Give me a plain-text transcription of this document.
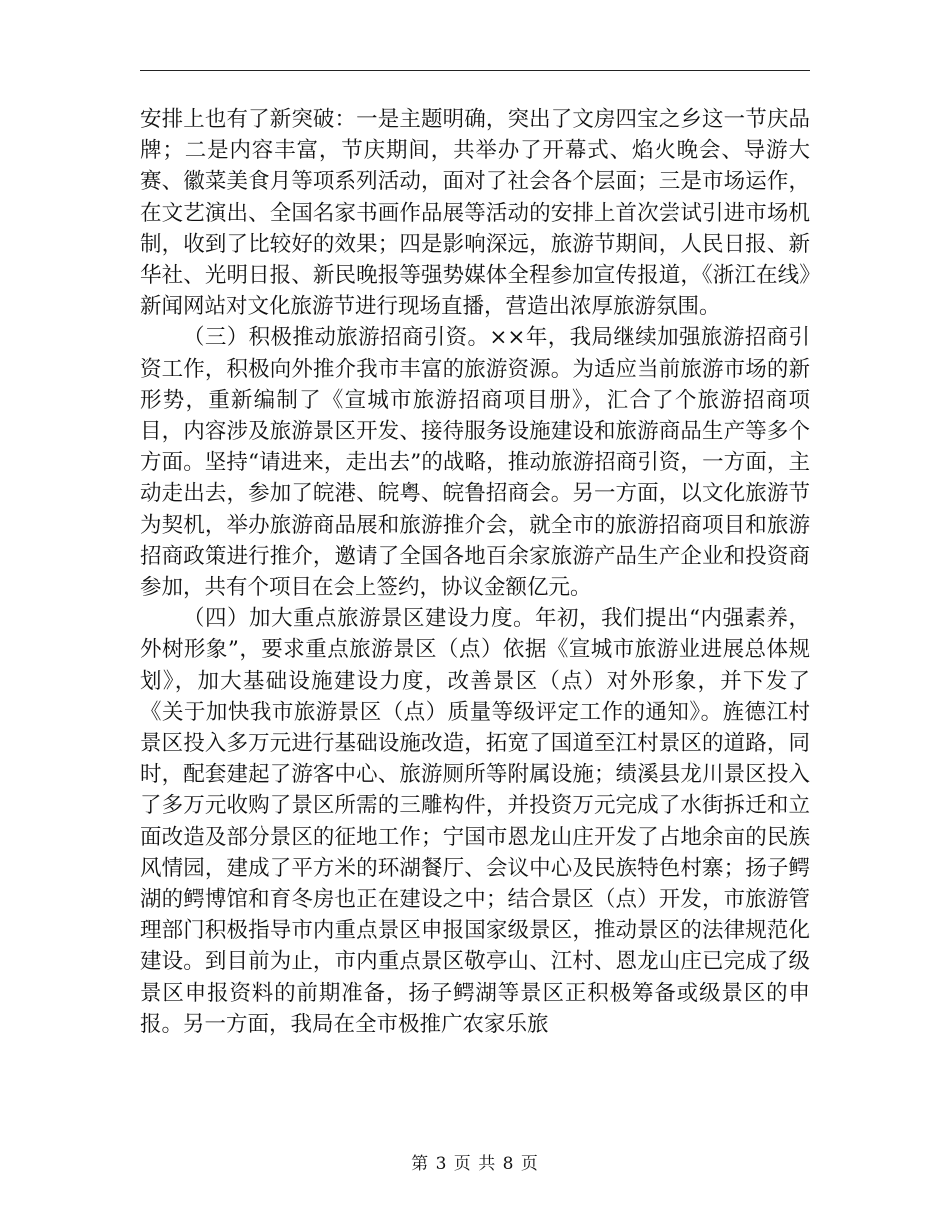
安排上也有了新突破：一是主题明确，突出了文房四宝之乡这一节庆品牌；二是内容丰富，节庆期间，共举办了开幕式、焰火晚会、导游大赛、徽菜美食月等项系列活动，面对了社会各个层面；三是市场运作，在文艺演出、全国名家书画作品展等活动的安排上首次尝试引进市场机制，收到了比较好的效果；四是影响深远，旅游节期间，人民日报、新华社、光明日报、新民晚报等强势媒体全程参加宣传报道，《浙江在线》新闻网站对文化旅游节进行现场直播，营造出浓厚旅游氛围。

（三）积极推动旅游招商引资。××年，我局继续加强旅游招商引资工作，积极向外推介我市丰富的旅游资源。为适应当前旅游市场的新形势，重新编制了《宣城市旅游招商项目册》，汇合了个旅游招商项目，内容涉及旅游景区开发、接待服务设施建设和旅游商品生产等多个方面。坚持“请进来，走出去”的战略，推动旅游招商引资，一方面，主动走出去，参加了皖港、皖粤、皖鲁招商会。另一方面，以文化旅游节为契机，举办旅游商品展和旅游推介会，就全市的旅游招商项目和旅游招商政策进行推介，邀请了全国各地百余家旅游产品生产企业和投资商参加，共有个项目在会上签约，协议金额亿元。

（四）加大重点旅游景区建设力度。年初，我们提出“内强素养，外树形象”，要求重点旅游景区（点）依据《宣城市旅游业进展总体规划》，加大基础设施建设力度，改善景区（点）对外形象，并下发了《关于加快我市旅游景区（点）质量等级评定工作的通知》。旌德江村景区投入多万元进行基础设施改造，拓宽了国道至江村景区的道路，同时，配套建起了游客中心、旅游厕所等附属设施；绩溪县龙川景区投入了多万元收购了景区所需的三雕构件，并投资万元完成了水街拆迁和立面改造及部分景区的征地工作；宁国市恩龙山庄开发了占地余亩的民族风情园，建成了平方米的环湖餐厅、会议中心及民族特色村寨；扬子鳄湖的鳄博馆和育冬房也正在建设之中；结合景区（点）开发，市旅游管理部门积极指导市内重点景区申报国家级景区，推动景区的法律规范化建设。到目前为止，市内重点景区敬亭山、江村、恩龙山庄已完成了级景区申报资料的前期准备，扬子鳄湖等景区正积极筹备或级景区的申报。另一方面，我局在全市极推广农家乐旅

第 3 页 共 8 页
